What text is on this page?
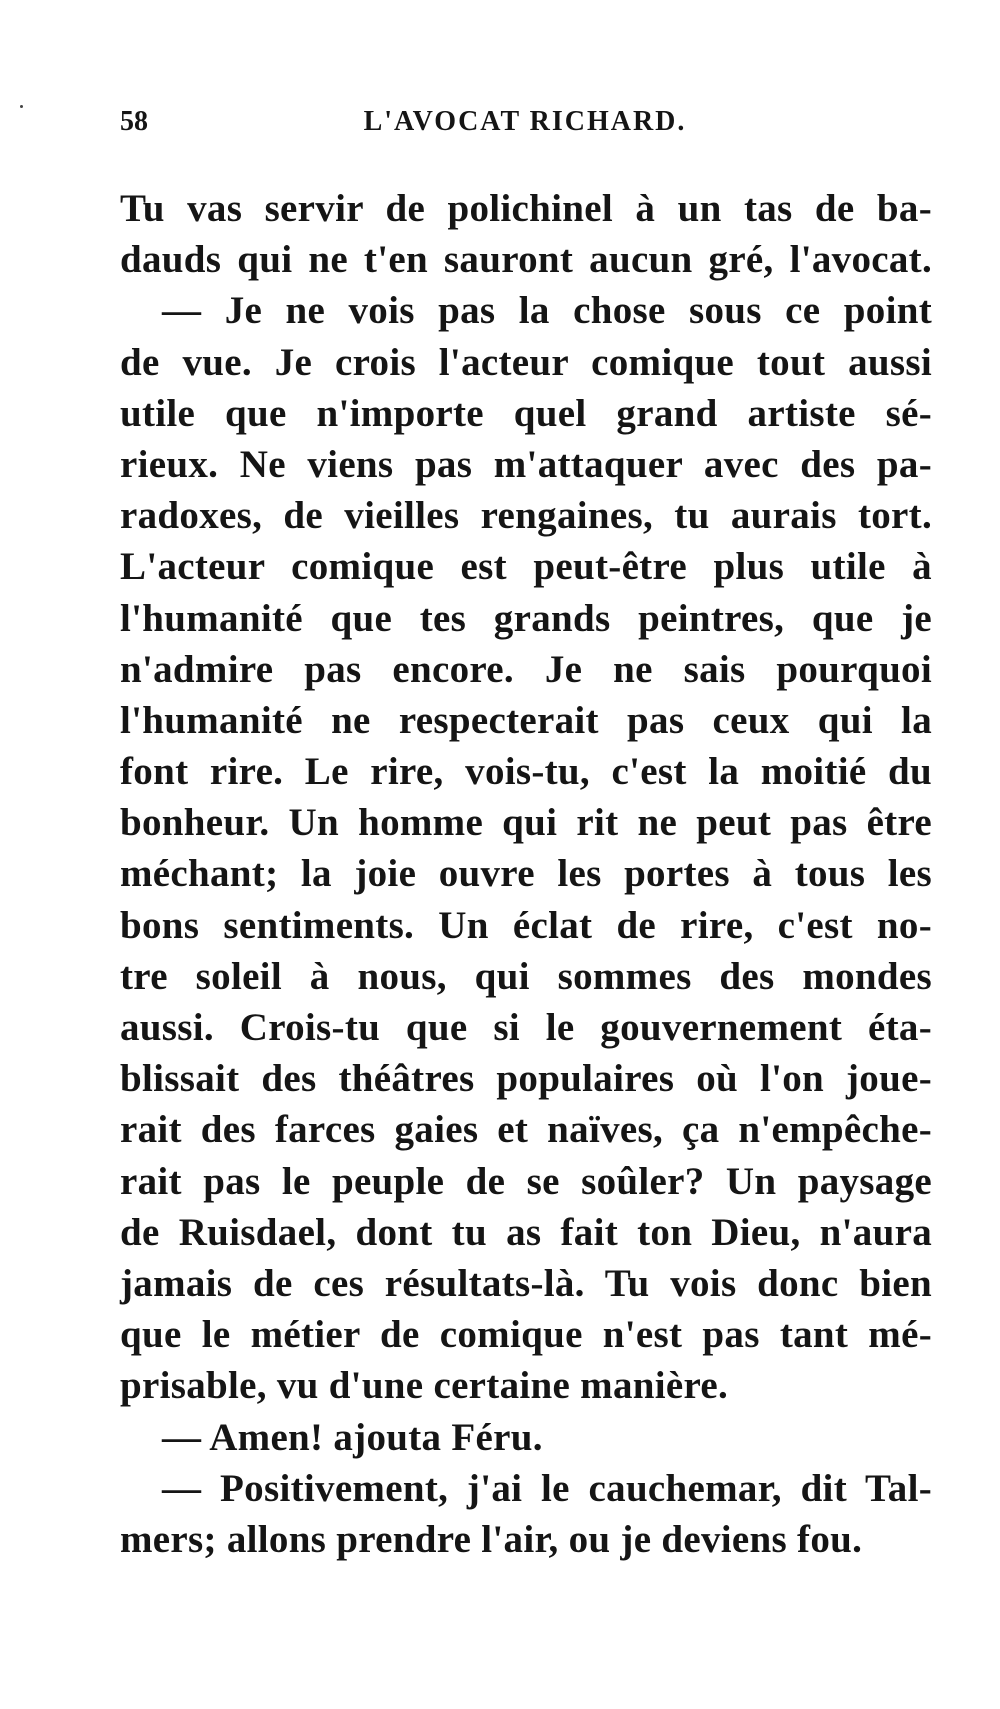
58	L'AVOCAT RICHARD.
Tu vas servir de polichinel à un tas de ba-
dauds qui ne t'en sauront aucun gré, l'avocat.
— Je ne vois pas la chose sous ce point
de vue. Je crois l'acteur comique tout aussi
utile que n'importe quel grand artiste sé-
rieux. Ne viens pas m'attaquer avec des pa-
radoxes, de vieilles rengaines, tu aurais tort.
L'acteur comique est peut-être plus utile à
l'humanité que tes grands peintres, que je
n'admire pas encore. Je ne sais pourquoi
l'humanité ne respecterait pas ceux qui la
font rire. Le rire, vois-tu, c'est la moitié du
bonheur. Un homme qui rit ne peut pas être
méchant; la joie ouvre les portes à tous les
bons sentiments. Un éclat de rire, c'est no-
tre soleil à nous, qui sommes des mondes
aussi. Crois-tu que si le gouvernement éta-
blissait des théâtres populaires où l'on joue-
rait des farces gaies et naïves, ça n'empêche-
rait pas le peuple de se soûler? Un paysage
de Ruisdael, dont tu as fait ton Dieu, n'aura
jamais de ces résultats-là. Tu vois donc bien
que le métier de comique n'est pas tant mé-
prisable, vu d'une certaine manière.
— Amen! ajouta Féru.
— Positivement, j'ai le cauchemar, dit Tal-
mers; allons prendre l'air, ou je deviens fou.
